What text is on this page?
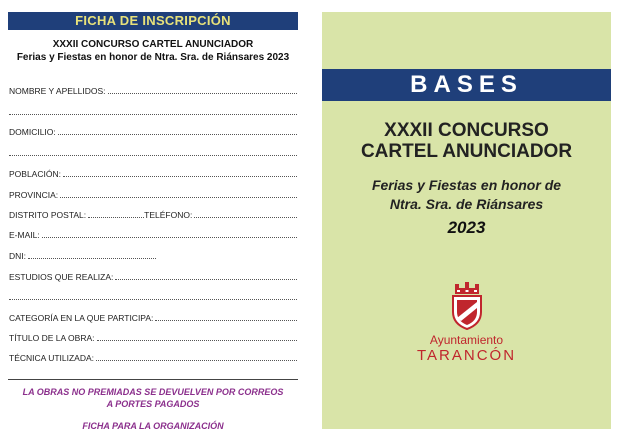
FICHA DE INSCRIPCIÓN
XXXII CONCURSO CARTEL ANUNCIADOR
Ferias y Fiestas en honor de Ntra. Sra. de Riánsares 2023
NOMBRE Y APELLIDOS:
DOMICILIO:
POBLACIÓN:
PROVINCIA:
DISTRITO POSTAL:	TELÉFONO:
E-MAIL:
DNI:
ESTUDIOS QUE REALIZA:
CATEGORÍA EN LA QUE PARTICIPA:
TÍTULO DE LA OBRA:
TÉCNICA UTILIZADA:
LA OBRAS NO PREMIADAS SE DEVUELVEN POR CORREOS
A PORTES PAGADOS
FICHA PARA LA ORGANIZACIÓN
BASES
XXXII CONCURSO
CARTEL ANUNCIADOR
Ferias y Fiestas en honor de
Ntra. Sra. de Riánsares
2023
Ayuntamiento
TARANCÓN
